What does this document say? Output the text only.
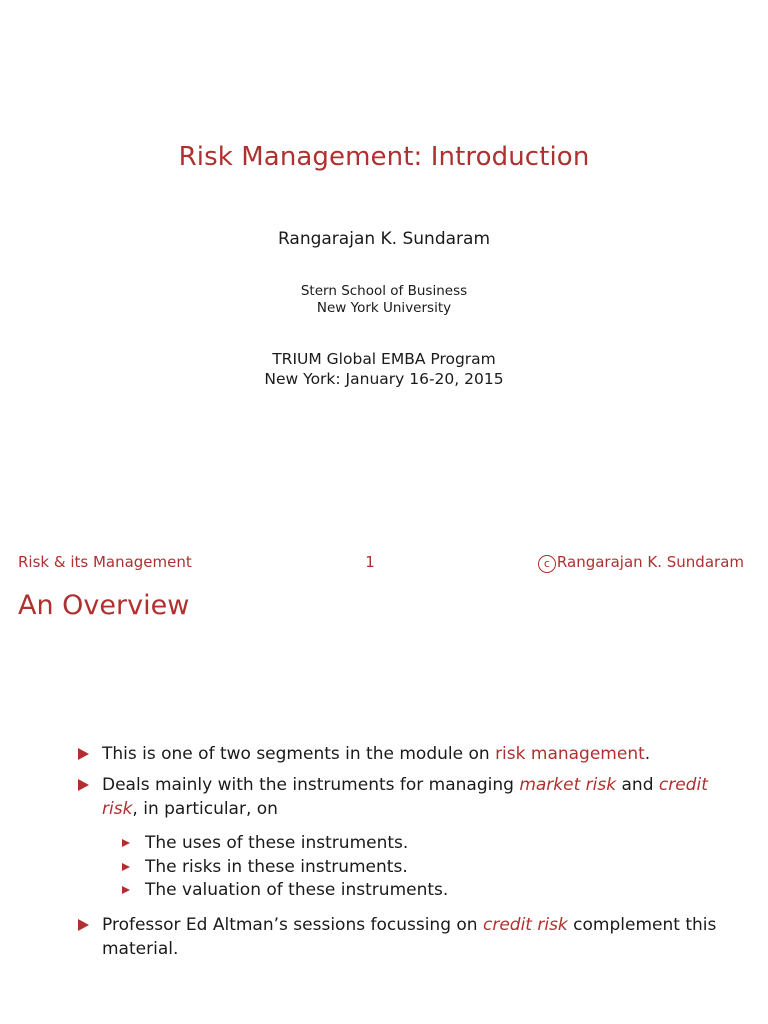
Risk Management: Introduction
Rangarajan K. Sundaram
Stern School of Business
New York University
TRIUM Global EMBA Program
New York: January 16-20, 2015
Risk & its Management	1	c Rangarajan K. Sundaram
An Overview
This is one of two segments in the module on risk management.
Deals mainly with the instruments for managing market risk and credit
risk, in particular, on
The uses of these instruments.
The risks in these instruments.
The valuation of these instruments.
Professor Ed Altman’s sessions focussing on credit risk complement this
material.
